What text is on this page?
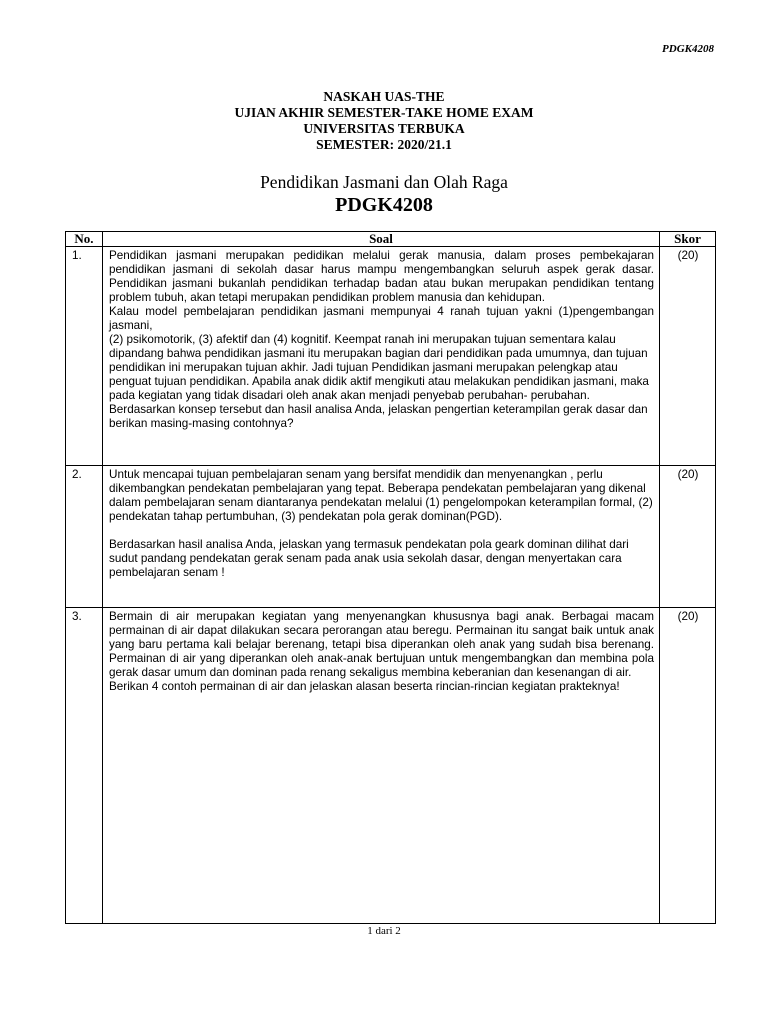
PDGK4208
NASKAH UAS-THE
UJIAN AKHIR SEMESTER-TAKE HOME EXAM
UNIVERSITAS TERBUKA
SEMESTER: 2020/21.1
Pendidikan Jasmani dan Olah Raga
PDGK4208
No.	Soal	Skor
1.	Pendidikan jasmani merupakan pedidikan melalui gerak manusia, dalam proses pembekajaran pendidikan jasmani di sekolah dasar harus mampu mengembangkan seluruh aspek gerak dasar. Pendidikan jasmani bukanlah pendidikan terhadap badan atau bukan merupakan pendidikan tentang problem tubuh, akan tetapi merupakan pendidikan problem manusia dan kehidupan.

Kalau model pembelajaran pendidikan jasmani mempunyai 4 ranah tujuan yakni (1)pengembangan jasmani,

(2) psikomotorik, (3) afektif dan (4) kognitif. Keempat ranah ini merupakan tujuan sementara kalau dipandang bahwa pendidikan jasmani itu merupakan bagian dari pendidikan pada umumnya, dan tujuan pendidikan ini merupakan tujuan akhir. Jadi tujuan Pendidikan jasmani merupakan pelengkap atau penguat tujuan pendidikan. Apabila anak didik aktif mengikuti atau melakukan pendidikan jasmani, maka pada kegiatan yang tidak disadari oleh anak akan menjadi penyebab perubahan- perubahan. Berdasarkan konsep tersebut dan hasil analisa Anda, jelaskan pengertian keterampilan gerak dasar dan berikan masing-masing contohnya?	(20)
2.	Untuk mencapai tujuan pembelajaran senam yang bersifat mendidik dan menyenangkan , perlu dikembangkan pendekatan pembelajaran yang tepat. Beberapa pendekatan pembelajaran yang dikenal dalam pembelajaran senam diantaranya pendekatan melalui (1) pengelompokan keterampilan formal, (2) pendekatan tahap pertumbuhan, (3) pendekatan pola gerak dominan(PGD).

Berdasarkan hasil analisa Anda, jelaskan yang termasuk pendekatan pola geark dominan dilihat dari sudut pandang pendekatan gerak senam pada anak usia sekolah dasar, dengan menyertakan cara pembelajaran senam !	(20)
3.	Bermain di air merupakan kegiatan yang menyenangkan khususnya bagi anak. Berbagai macam permainan di air dapat dilakukan secara perorangan atau beregu. Permainan itu sangat baik untuk anak yang baru pertama kali belajar berenang, tetapi bisa diperankan oleh anak yang sudah bisa berenang. Permainan di air yang diperankan oleh anak-anak bertujuan untuk mengembangkan dan membina pola gerak dasar umum dan dominan pada renang sekaligus membina keberanian dan kesenangan di air.

Berikan 4 contoh permainan di air dan jelaskan alasan beserta rincian-rincian kegiatan prakteknya!	(20)
1 dari 2
